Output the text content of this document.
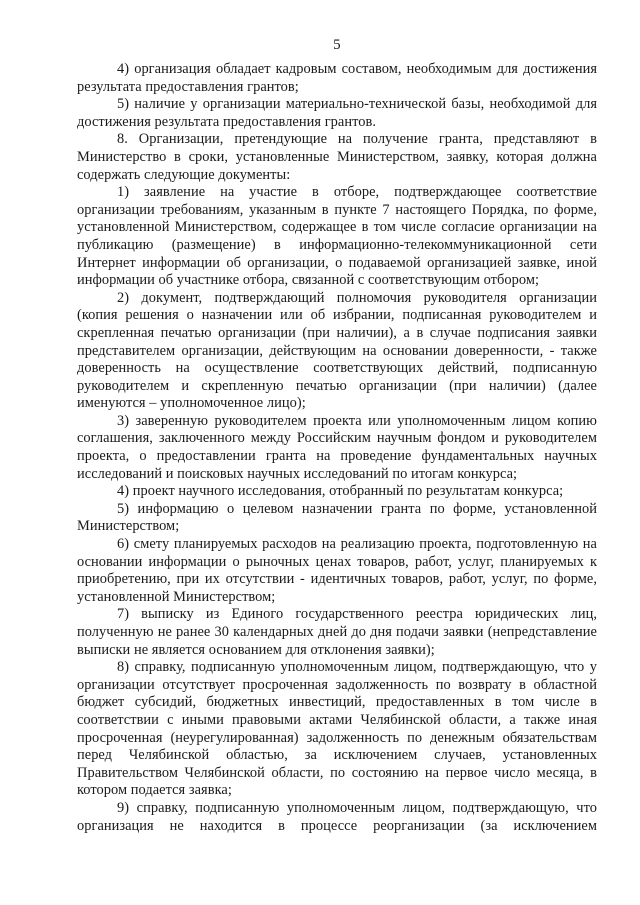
5

4) организация обладает кадровым составом, необходимым для достижения результата предоставления грантов;

5) наличие у организации материально-технической базы, необходимой для достижения результата предоставления грантов.

8. Организации, претендующие на получение гранта, представляют в Министерство в сроки, установленные Министерством, заявку, которая должна содержать следующие документы:

1) заявление на участие в отборе, подтверждающее соответствие организации требованиям, указанным в пункте 7 настоящего Порядка, по форме, установленной Министерством, содержащее в том числе согласие организации на публикацию (размещение) в информационно-телекоммуникационной сети Интернет информации об организации, о подаваемой организацией заявке, иной информации об участнике отбора, связанной с соответствующим отбором;

2) документ, подтверждающий полномочия руководителя организации (копия решения о назначении или об избрании, подписанная руководителем и скрепленная печатью организации (при наличии), а в случае подписания заявки представителем организации, действующим на основании доверенности, - также доверенность на осуществление соответствующих действий, подписанную руководителем и скрепленную печатью организации (при наличии) (далее именуются – уполномоченное лицо);

3) заверенную руководителем проекта или уполномоченным лицом копию соглашения, заключенного между Российским научным фондом и руководителем проекта, о предоставлении гранта на проведение фундаментальных научных исследований и поисковых научных исследований по итогам конкурса;

4) проект научного исследования, отобранный по результатам конкурса;

5) информацию о целевом назначении гранта по форме, установленной Министерством;

6) смету планируемых расходов на реализацию проекта, подготовленную на основании информации о рыночных ценах товаров, работ, услуг, планируемых к приобретению, при их отсутствии - идентичных товаров, работ, услуг, по форме, установленной Министерством;

7) выписку из Единого государственного реестра юридических лиц, полученную не ранее 30 календарных дней до дня подачи заявки (непредставление выписки не является основанием для отклонения заявки);

8) справку, подписанную уполномоченным лицом, подтверждающую, что у организации отсутствует просроченная задолженность по возврату в областной бюджет субсидий, бюджетных инвестиций, предоставленных в том числе в соответствии с иными правовыми актами Челябинской области, а также иная просроченная (неурегулированная) задолженность по денежным обязательствам перед Челябинской областью, за исключением случаев, установленных Правительством Челябинской области, по состоянию на первое число месяца, в котором подается заявка;

9) справку, подписанную уполномоченным лицом, подтверждающую, что организация не находится в процессе реорганизации (за исключением
